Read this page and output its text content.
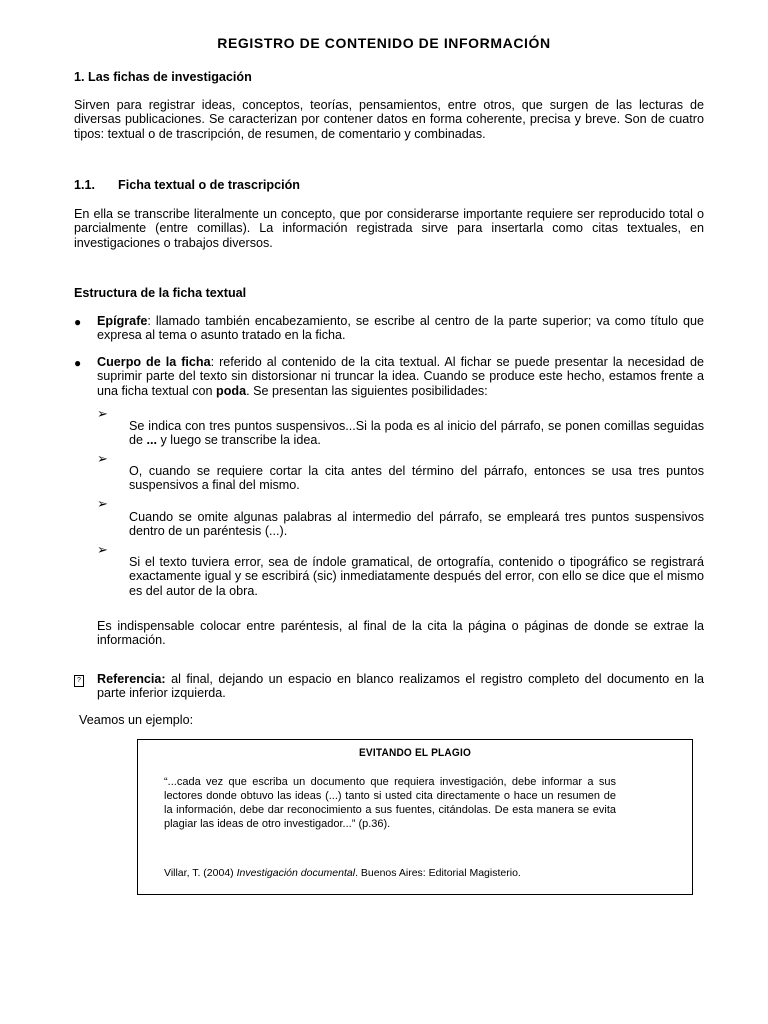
REGISTRO DE CONTENIDO DE INFORMACIÓN
1. Las fichas de investigación

Sirven para registrar ideas, conceptos, teorías, pensamientos, entre otros, que surgen de las lecturas de diversas publicaciones. Se caracterizan por contener datos en forma coherente, precisa y breve. Son de cuatro tipos: textual o de trascripción, de resumen, de comentario y combinadas.

1.1. Ficha textual o de trascripción

En ella se transcribe literalmente un concepto, que por considerarse importante requiere ser reproducido total o parcialmente (entre comillas). La información registrada sirve para insertarla como citas textuales, en investigaciones o trabajos diversos.

Estructura de la ficha textual
● Epígrafe: llamado también encabezamiento, se escribe al centro de la parte superior; va como título que expresa al tema o asunto tratado en la ficha.

● Cuerpo de la ficha: referido al contenido de la cita textual. Al fichar se puede presentar la necesidad de suprimir parte del texto sin distorsionar ni truncar la idea. Cuando se produce este hecho, estamos frente a una ficha textual con poda. Se presentan las siguientes posibilidades:

➢

Se indica con tres puntos suspensivos...Si la poda es al inicio del párrafo, se ponen comillas seguidas de ... y luego se transcribe la idea.

➢

O, cuando se requiere cortar la cita antes del término del párrafo, entonces se usa tres puntos suspensivos a final del mismo.

➢

Cuando se omite algunas palabras al intermedio del párrafo, se empleará tres puntos suspensivos dentro de un paréntesis (...).

➢

Si el texto tuviera error, sea de índole gramatical, de ortografía, contenido o tipográfico se registrará exactamente igual y se escribirá (sic) inmediatamente después del error, con ello se dice que el mismo es del autor de la obra.

Es indispensable colocar entre paréntesis, al final de la cita la página o páginas de donde se extrae la información.

? Referencia: al final, dejando un espacio en blanco realizamos el registro completo del documento en la parte inferior izquierda.

Veamos un ejemplo:
EVITANDO EL PLAGIO
“...cada vez que escriba un documento que requiera investigación, debe informar a sus lectores donde obtuvo las ideas (...) tanto si usted cita directamente o hace un resumen de la información, debe dar reconocimiento a sus fuentes, citándolas. De esta manera se evita plagiar las ideas de otro investigador...” (p.36).
Villar, T. (2004) Investigación documental. Buenos Aires: Editorial Magisterio.
